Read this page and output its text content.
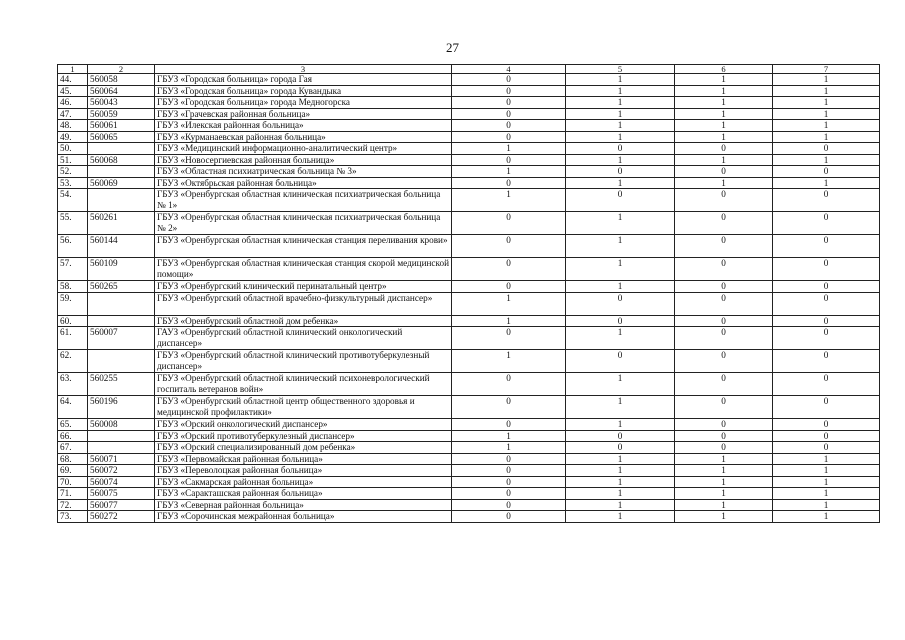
27
1	2	3	4	5	6	7
44.	560058	ГБУЗ «Городская больница» города Гая	0	1	1	1
45.	560064	ГБУЗ «Городская больница» города Кувандыка	0	1	1	1
46.	560043	ГБУЗ «Городская больница» города Медногорска	0	1	1	1
47.	560059	ГБУЗ «Грачевская районная больница»	0	1	1	1
48.	560061	ГБУЗ «Илекская районная больница»	0	1	1	1
49.	560065	ГБУЗ «Курманаевская районная больница»	0	1	1	1
50.		ГБУЗ «Медицинский информационно-аналитический центр»	1	0	0	0
51.	560068	ГБУЗ «Новосергиевская районная больница»	0	1	1	1
52.		ГБУЗ «Областная психиатрическая больница № 3»	1	0	0	0
53.	560069	ГБУЗ «Октябрьская районная больница»	0	1	1	1
54.		ГБУЗ «Оренбургская областная клиническая психиатрическая больница № 1»	1	0	0	0
55.	560261	ГБУЗ «Оренбургская областная клиническая психиатрическая больница № 2»	0	1	0	0
56.	560144	ГБУЗ «Оренбургская областная клиническая станция переливания крови»	0	1	0	0
57.	560109	ГБУЗ «Оренбургская областная клиническая станция скорой медицинской помощи»	0	1	0	0
58.	560265	ГБУЗ «Оренбургский клинический перинатальный центр»	0	1	0	0
59.		ГБУЗ «Оренбургский областной врачебно-физкультурный диспансер»	1	0	0	0
60.		ГБУЗ «Оренбургский областной дом ребенка»	1	0	0	0
61.	560007	ГАУЗ «Оренбургский областной клинический онкологический диспансер»	0	1	0	0
62.		ГБУЗ «Оренбургский областной клинический противотуберкулезный диспансер»	1	0	0	0
63.	560255	ГБУЗ «Оренбургский областной клинический психоневрологический госпиталь ветеранов войн»	0	1	0	0
64.	560196	ГБУЗ «Оренбургский областной центр общественного здоровья и медицинской профилактики»	0	1	0	0
65.	560008	ГБУЗ «Орский онкологический диспансер»	0	1	0	0
66.		ГБУЗ «Орский противотуберкулезный диспансер»	1	0	0	0
67.		ГБУЗ «Орский специализированный дом ребенка»	1	0	0	0
68.	560071	ГБУЗ «Первомайская районная больница»	0	1	1	1
69.	560072	ГБУЗ «Переволоцкая районная больница»	0	1	1	1
70.	560074	ГБУЗ «Сакмарская районная больница»	0	1	1	1
71.	560075	ГБУЗ «Саракташская районная больница»	0	1	1	1
72.	560077	ГБУЗ «Северная районная больница»	0	1	1	1
73.	560272	ГБУЗ «Сорочинская межрайонная больница»	0	1	1	1
